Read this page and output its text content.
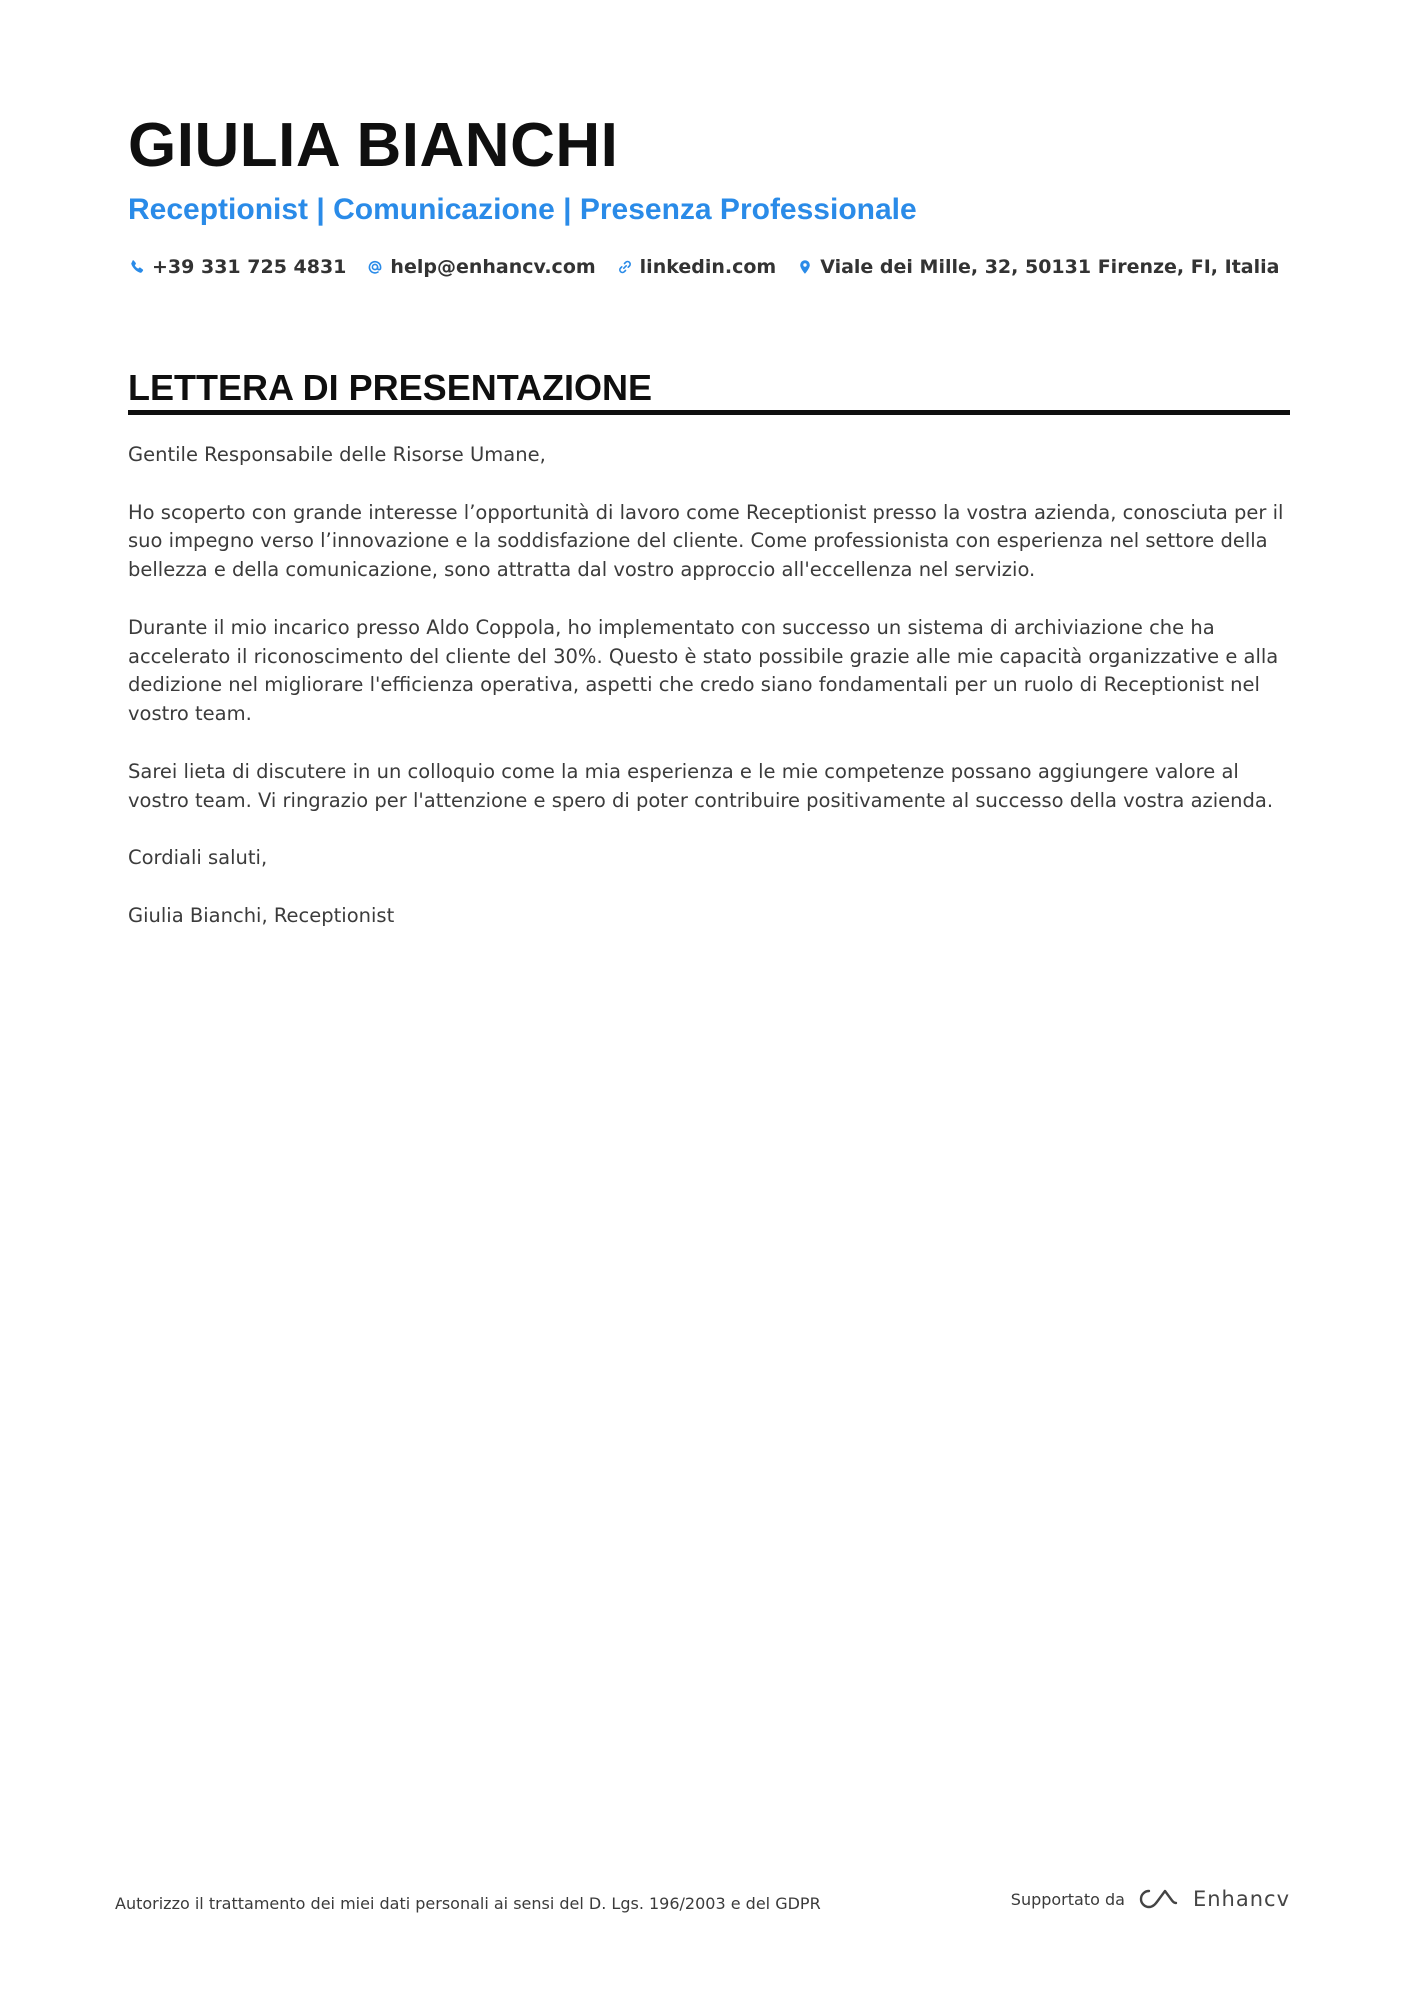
GIULIA BIANCHI
Receptionist | Comunicazione | Presenza Professionale
+39 331 725 4831 help@enhancv.com linkedin.com Viale dei Mille, 32, 50131 Firenze, FI, Italia
LETTERA DI PRESENTAZIONE

Gentile Responsabile delle Risorse Umane,

Ho scoperto con grande interesse l’opportunità di lavoro come Receptionist presso la vostra azienda, conosciuta per il suo impegno verso l’innovazione e la soddisfazione del cliente. Come professionista con esperienza nel settore della bellezza e della comunicazione, sono attratta dal vostro approccio all'eccellenza nel servizio.

Durante il mio incarico presso Aldo Coppola, ho implementato con successo un sistema di archiviazione che ha accelerato il riconoscimento del cliente del 30%. Questo è stato possibile grazie alle mie capacità organizzative e alla dedizione nel migliorare l'efficienza operativa, aspetti che credo siano fondamentali per un ruolo di Receptionist nel vostro team.

Sarei lieta di discutere in un colloquio come la mia esperienza e le mie competenze possano aggiungere valore al vostro team. Vi ringrazio per l'attenzione e spero di poter contribuire positivamente al successo della vostra azienda.

Cordiali saluti,

Giulia Bianchi, Receptionist

Autorizzo il trattamento dei miei dati personali ai sensi del D. Lgs. 196/2003 e del GDPR	Supportato da	Enhancv
